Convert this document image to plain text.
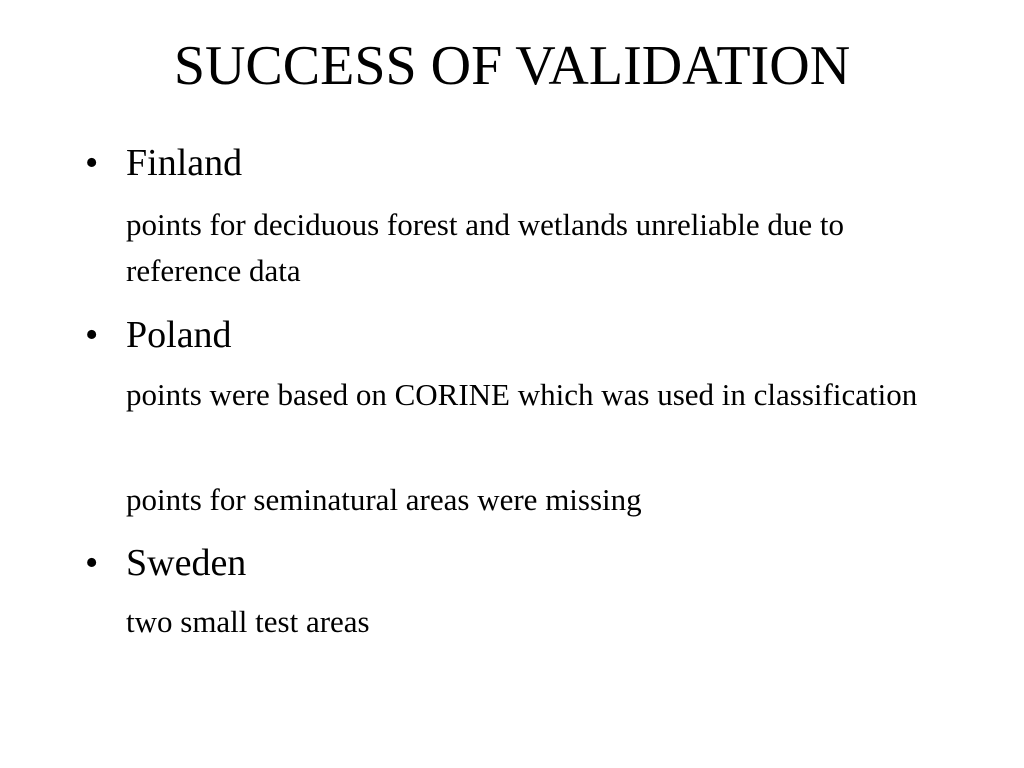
SUCCESS OF VALIDATION
• Finland
points for deciduous forest and wetlands unreliable due to reference data
• Poland
points were based on CORINE which was used in classification
points for seminatural areas were missing
• Sweden
two small test areas
